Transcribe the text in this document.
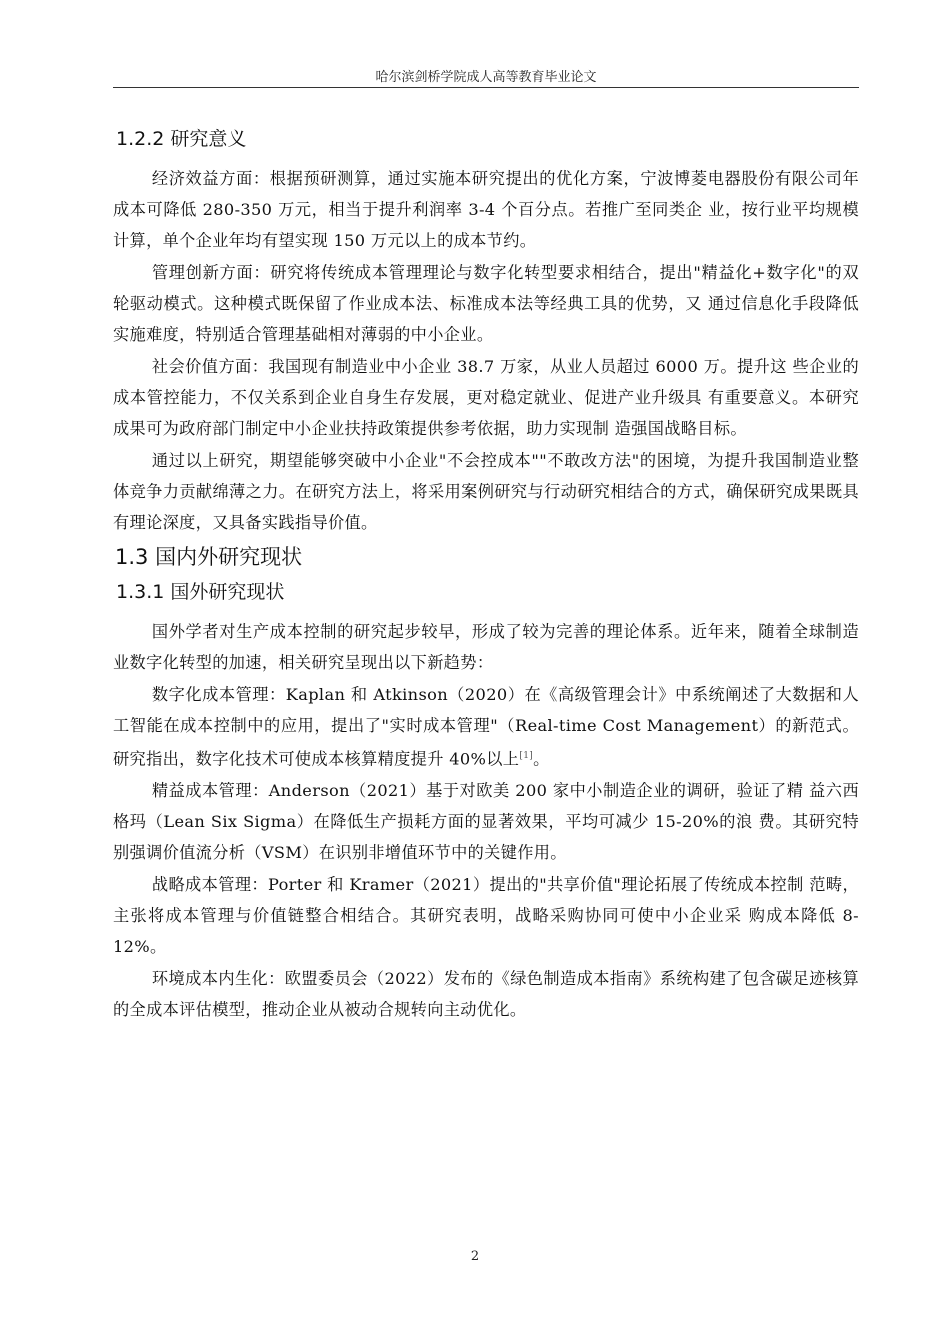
哈尔滨剑桥学院成人高等教育毕业论文
1.2.2 研究意义

经济效益方面：根据预研测算，通过实施本研究提出的优化方案，宁波博菱电器股份有限公司年成本可降低 280-350 万元，相当于提升利润率 3-4 个百分点。若推广至同类企 业，按行业平均规模计算，单个企业年均有望实现 150 万元以上的成本节约。

管理创新方面：研究将传统成本管理理论与数字化转型要求相结合，提出"精益化+数字化"的双轮驱动模式。这种模式既保留了作业成本法、标准成本法等经典工具的优势，又 通过信息化手段降低实施难度，特别适合管理基础相对薄弱的中小企业。

社会价值方面：我国现有制造业中小企业 38.7 万家，从业人员超过 6000 万。提升这 些企业的成本管控能力，不仅关系到企业自身生存发展，更对稳定就业、促进产业升级具 有重要意义。本研究成果可为政府部门制定中小企业扶持政策提供参考依据，助力实现制 造强国战略目标。

通过以上研究，期望能够突破中小企业"不会控成本""不敢改方法"的困境，为提升我国制造业整体竞争力贡献绵薄之力。在研究方法上，将采用案例研究与行动研究相结合的方式，确保研究成果既具有理论深度，又具备实践指导价值。

1.3 国内外研究现状
1.3.1 国外研究现状

国外学者对生产成本控制的研究起步较早，形成了较为完善的理论体系。近年来，随着全球制造业数字化转型的加速，相关研究呈现出以下新趋势：

数字化成本管理：Kaplan 和 Atkinson（2020）在《高级管理会计》中系统阐述了大数据和人工智能在成本控制中的应用，提出了"实时成本管理"（Real-time Cost Management）的新范式。研究指出，数字化技术可使成本核算精度提升 40%以上[1]。

精益成本管理：Anderson（2021）基于对欧美 200 家中小制造企业的调研，验证了精 益六西格玛（Lean Six Sigma）在降低生产损耗方面的显著效果，平均可减少 15-20%的浪 费。其研究特别强调价值流分析（VSM）在识别非增值环节中的关键作用。

战略成本管理：Porter 和 Kramer（2021）提出的"共享价值"理论拓展了传统成本控制 范畴，主张将成本管理与价值链整合相结合。其研究表明，战略采购协同可使中小企业采 购成本降低 8-12%。

环境成本内生化：欧盟委员会（2022）发布的《绿色制造成本指南》系统构建了包含碳足迹核算的全成本评估模型，推动企业从被动合规转向主动优化。

2
